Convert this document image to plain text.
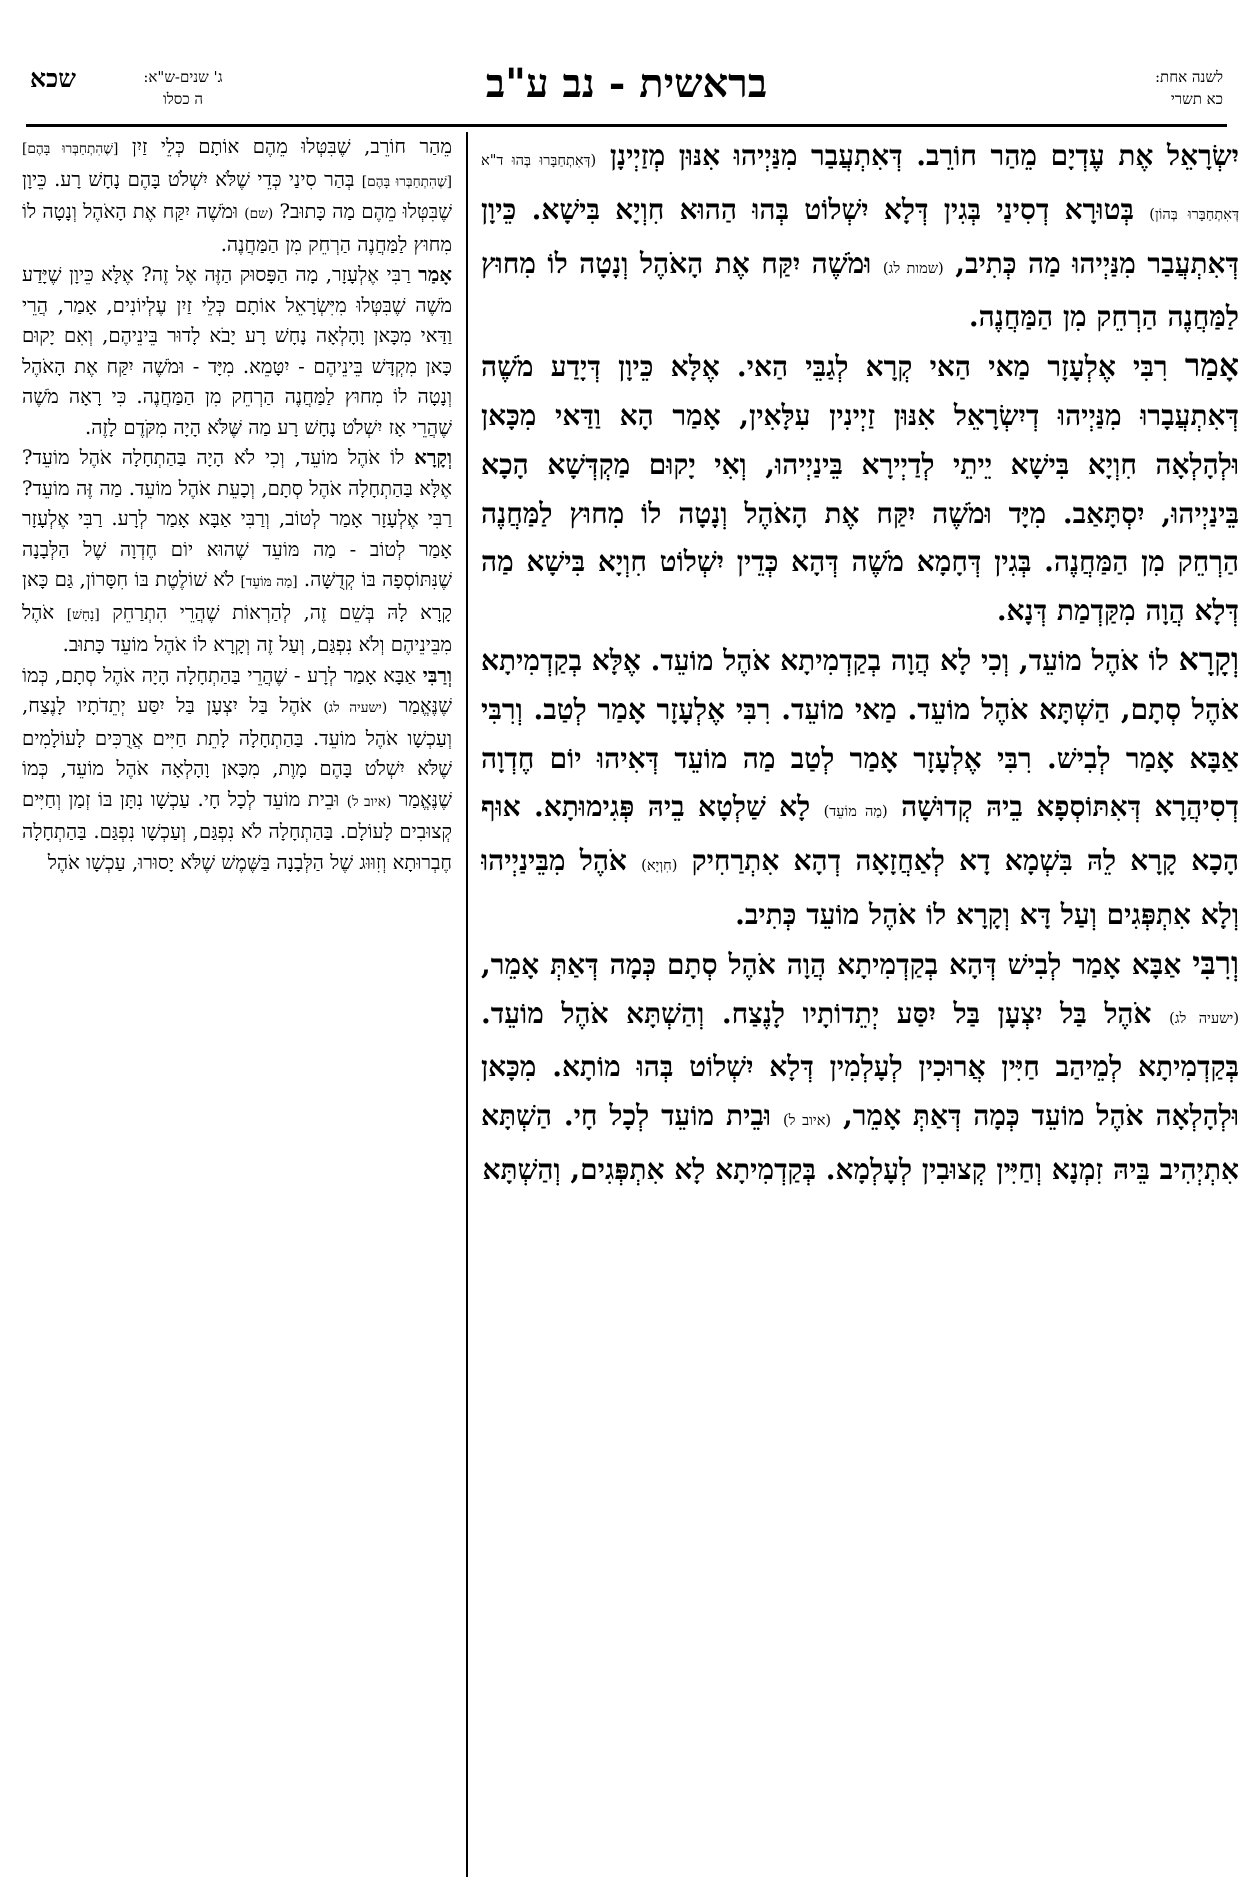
לשנה אחת:
כא תשרי
בראשית - נב ע"ב
ג' שנים-ש"א:
ה כסלו
שכא

יִשְׂרָאֵל אֶת עֶדְיָם מֵהַר חוֹרֵב. דְּאִתְעֲבַר מִנַּיְיהוּ אִנּוּן מְזַיְינָן (דְּאִתְחַבָּרוּ בְּהוּ ד"א דְּאִתְחַבָּרוּ בְּהוֹן) בְּטוּרָא דְסִינַי בְּגִין דְּלָא יִשְׁלוֹט בְּהוּ הַהוּא חִוְיָא בִּישָׁא. כֵּיוָן דְּאִתְעֲבַר מִנַּיְיהוּ מַה כְּתִיב, (שמות לג) וּמֹשֶׁה יִקַּח אֶת הָאֹהֶל וְנָטָה לוֹ מִחוּץ לַמַּחֲנֶה הַרְחֵק מִן הַמַּחֲנֶה.

אָמַר רִבִּי אֶלְעָזָר מַאי הַאי קְרָא לְגַבֵּי הַאי. אֶלָּא כֵּיוָן דְּיָדַע מֹשֶׁה דְּאִתְעֲבָרוּ מִנַּיְיהוּ דְיִשְׂרָאֵל אִנּוּן זַיְינִין עִלָּאִין, אָמַר הָא וַדַּאי מִכָּאן וּלְהָלְאָה חִוְיָא בִּישָׁא יֵיתֵי לְדַיְירָא בֵּינַיְיהוּ, וְאִי יָקוּם מַקְדְּשָׁא הָכָא בֵּינַיְיהוּ, יִסְתָּאַב. מִיָּד וּמֹשֶׁה יִקַּח אֶת הָאֹהֶל וְנָטָה לוֹ מִחוּץ לַמַּחֲנֶה הַרְחֵק מִן הַמַּחֲנֶה. בְּגִין דְּחָמָא מֹשֶׁה דְּהָא כְּדֵין יִשְׁלוֹט חִוְיָא בִּישָׁא מַה דְּלָא הֲוָה מִקַּדְמַת דְּנָא.

וְקָרָא לוֹ אֹהֶל מוֹעֵד, וְכִי לָא הֲוָה בְקַדְמִיתָא אֹהֶל מוֹעֵד. אֶלָּא בְקַדְמִיתָא אֹהֶל סְתָם, הַשְׁתָּא אֹהֶל מוֹעֵד. מַאי מוֹעֵד. רִבִּי אֶלְעָזָר אָמַר לְטַב. וְרִבִּי אַבָּא אָמַר לְבִישׁ. רִבִּי אֶלְעָזָר אָמַר לְטַב מַה מוֹעֵד דְּאִיהוּ יוֹם חֶדְוָה דְסִיהֲרָא דְּאִתּוֹסְפָא בֵיהּ קְדוּשָׁה (מַה מוֹעֵד) לָא שַׁלְטָא בֵיהּ פְּגִימוּתָא. אוּף הָכָא קָרָא לֵהּ בִּשְׁמָא דָא לְאַחֲזָאָה דְהָא אִתְרַחִיק (חִוְיָא) אֹהֶל מִבֵּינַיְיהוּ וְלָא אִתְפְּגִים וְעַל דָּא וְקָרָא לוֹ אֹהֶל מוֹעֵד כְּתִיב.

וְרִבִּי אַבָּא אָמַר לְבִישׁ דְּהָא בְקַדְמִיתָא הֲוָה אֹהֶל סְתָם כְּמָה דְּאַתְּ אָמֵר, (ישעיה לג) אֹהֶל בַּל יִצְעָן בַּל יִסַּע יְתֵדוֹתָיו לָנֶצַח. וְהַשְׁתָּא אֹהֶל מוֹעֵד. בְּקַדְמִיתָא לְמֵיהַב חַיִּין אֲרוּכִין לְעָלְמִין דְּלָא יִשְׁלוֹט בְּהוּ מוֹתָא. מִכָּאן וּלְהָלְאָה אֹהֶל מוֹעֵד כְּמָה דְּאַתְּ אָמֵר, (איוב ל) וּבֵית מוֹעֵד לְכָל חָי. הַשְׁתָּא אִתְיְהִיב בֵּיהּ זִמְנָא וְחַיִּין קְצוּבִין לְעָלְמָא. בְּקַדְמִיתָא לָא אִתְפְּגִים, וְהַשְׁתָּא

מֵהַר חוֹרֵב, שֶׁבִּטְּלוּ מֵהֶם אוֹתָם כְּלֵי זַיִן [שֶׁהִתְחַבְּרוּ בָּהֶם] [שֶׁהִתְחַבְּרוּ בָּהֶם] בְּהַר סִינַי כְּדֵי שֶׁלֹּא יִשְׁלֹט בָּהֶם נָחָשׁ רָע. כֵּיוָן שֶׁבִּטְּלוּ מֵהֶם מַה כָּתוּב? (שם) וּמֹשֶׁה יִקַּח אֶת הָאֹהֶל וְנָטָה לוֹ מִחוּץ לַמַּחֲנֶה הַרְחֵק מִן הַמַּחֲנֶה.

אָמַר רַבִּי אֶלְעָזָר, מָה הַפָּסוּק הַזֶּה אֶל זֶה? אֶלָּא כֵּיוָן שֶׁיָּדַע מֹשֶׁה שֶׁבִּטְּלוּ מִיִּשְׂרָאֵל אוֹתָם כְּלֵי זַיִן עֶלְיוֹנִים, אָמַר, הֲרֵי וַדַּאי מִכָּאן וָהָלְאָה נָחָשׁ רָע יָבֹא לָדוּר בֵּינֵיהֶם, וְאִם יָקוּם כָּאן מִקְדָּשׁ בֵּינֵיהֶם - יִטָּמֵא. מִיָּד - וּמֹשֶׁה יִקַּח אֶת הָאֹהֶל וְנָטָה לוֹ מִחוּץ לַמַּחֲנֶה הַרְחֵק מִן הַמַּחֲנֶה. כִּי רָאָה מֹשֶׁה שֶׁהֲרֵי אָז יִשְׁלֹט נָחָשׁ רָע מַה שֶּׁלֹּא הָיָה מִקֹּדֶם לָזֶה.

וְקָרָא לוֹ אֹהֶל מוֹעֵד, וְכִי לֹא הָיָה בַּהַתְחָלָה אֹהֶל מוֹעֵד? אֶלָּא בַּהַתְחָלָה אֹהֶל סְתָם, וְכָעֵת אֹהֶל מוֹעֵד. מַה זֶּה מוֹעֵד? רַבִּי אֶלְעָזָר אָמַר לְטוֹב, וְרַבִּי אַבָּא אָמַר לְרָע. רַבִּי אֶלְעָזָר אָמַר לְטוֹב - מַה מּוֹעֵד שֶׁהוּא יוֹם חֶדְוָה שֶׁל הַלְּבָנָה שֶׁנִּתּוֹסְפָה בּוֹ קְדֻשָּׁה. [מַה מּוֹעֵד] לֹא שׁוֹלֶטֶת בּוֹ חִסָּרוֹן, גַּם כָּאן קָרָא לָהּ בְּשֵׁם זֶה, לְהַרְאוֹת שֶׁהֲרֵי הִתְרַחֵק [נָחָשׁ] אֹהֶל מִבֵּינֵיהֶם וְלֹא נִפְגַּם, וְעַל זֶה וְקָרָא לוֹ אֹהֶל מוֹעֵד כָּתוּב.

וְרַבִּי אַבָּא אָמַר לְרָע - שֶׁהֲרֵי בַּהַתְחָלָה הָיָה אֹהֶל סְתָם, כְּמוֹ שֶׁנֶּאֱמַר (ישעיה לג) אֹהֶל בַּל יִצְעָן בַּל יִסַּע יְתֵדֹתָיו לָנֶצַח, וְעַכְשָׁו אֹהֶל מוֹעֵד. בַּהַתְחָלָה לָתֵת חַיִּים אֲרֻכִּים לָעוֹלָמִים שֶׁלֹּא יִשְׁלֹט בָּהֶם מָוֶת, מִכָּאן וָהָלְאָה אֹהֶל מוֹעֵד, כְּמוֹ שֶׁנֶּאֱמַר (איוב ל) וּבֵית מוֹעֵד לְכָל חָי. עַכְשָׁו נִתָּן בּוֹ זְמַן וְחַיִּים קְצוּבִים לָעוֹלָם. בַּהַתְחָלָה לֹא נִפְגַּם, וְעַכְשָׁו נִפְגַּם. בַּהַתְחָלָה חֶבְרוּתָא וְזִוּוּג שֶׁל הַלְּבָנָה בַּשֶּׁמֶשׁ שֶׁלֹּא יָסוּרוּ, עַכְשָׁו אֹהֶל
